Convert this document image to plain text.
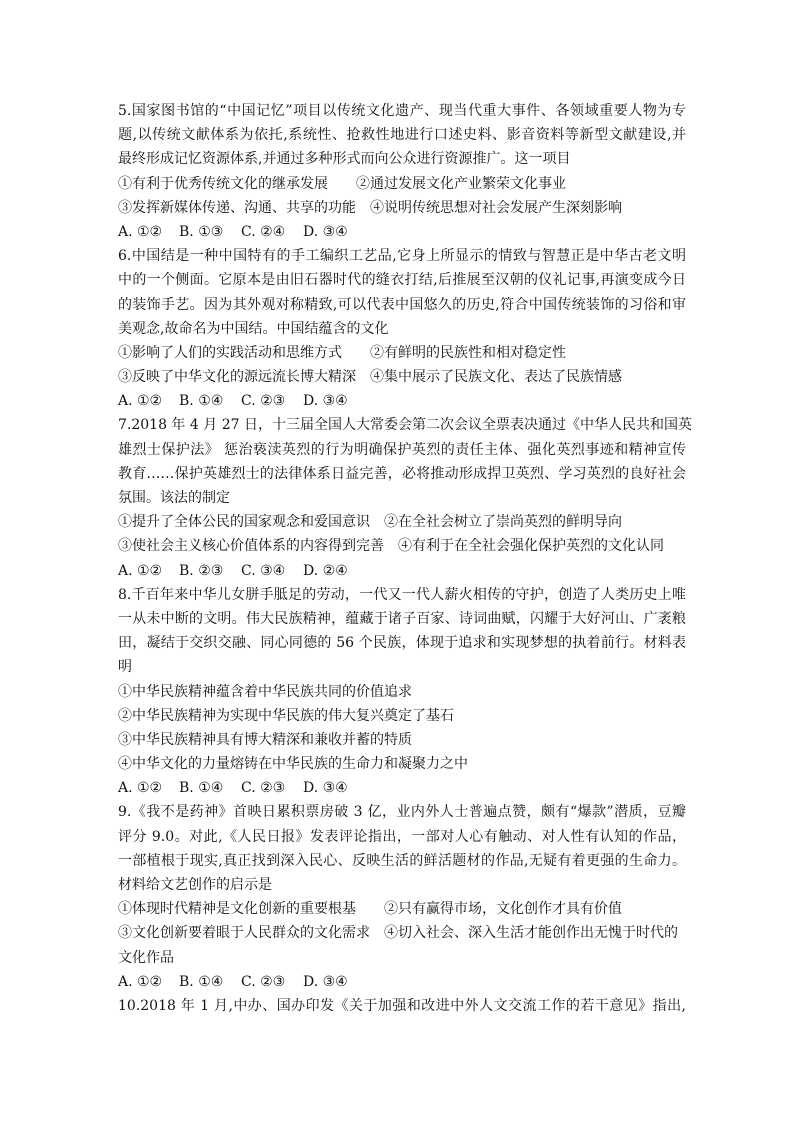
5.国家图书馆的“中国记忆”项目以传统文化遗产、现当代重大事件、各领域重要人物为专
题,以传统文献体系为依托,系统性、抢救性地进行口述史料、影音资料等新型文献建设,并
最终形成记忆资源体系,并通过多种形式而向公众进行资源推广。这一项目
①有利于优秀传统文化的继承发展	②通过发展文化产业繁荣文化事业
③发挥新媒体传递、沟通、共享的功能	④说明传统思想对社会发展产生深刻影响
A. ①②	B. ①③	C. ②④	D. ③④
6.中国结是一种中国特有的手工编织工艺品,它身上所显示的情致与智慧正是中华古老文明
中的一个侧面。它原本是由旧石器时代的缝衣打结,后推展至汉朝的仪礼记事,再演变成今日
的装饰手艺。因为其外观对称精致,可以代表中国悠久的历史,符合中国传统装饰的习俗和审
美观念,故命名为中国结。中国结蕴含的文化
①影响了人们的实践活动和思维方式	②有鲜明的民族性和相对稳定性
③反映了中华文化的源远流长博大精深	④集中展示了民族文化、表达了民族情感
A. ①②	B. ①④	C. ②③	D. ③④
7.2018 年 4 月 27 日，十三届全国人大常委会第二次会议全票表决通过《中华人民共和国英
雄烈士保护法》 惩治亵渎英烈的行为明确保护英烈的责任主体、强化英烈事迹和精神宣传
教育……保护英雄烈士的法律体系日益完善，必将推动形成捍卫英烈、学习英烈的良好社会
氛围。该法的制定
①提升了全体公民的国家观念和爱国意识	②在全社会树立了崇尚英烈的鲜明导向
③使社会主义核心价值体系的内容得到完善	④有利于在全社会强化保护英烈的文化认同
A. ①②	B. ②③	C. ③④	D. ②④
8.千百年来中华儿女胼手胝足的劳动，一代又一代人薪火相传的守护，创造了人类历史上唯
一从未中断的文明。伟大民族精神，蕴藏于诸子百家、诗词曲赋，闪耀于大好河山、广袤粮
田，凝结于交织交融、同心同德的 56 个民族，体现于追求和实现梦想的执着前行。材料表
明
①中华民族精神蕴含着中华民族共同的价值追求
②中华民族精神为实现中华民族的伟大复兴奠定了基石
③中华民族精神具有博大精深和兼收并蓄的特质
④中华文化的力量熔铸在中华民族的生命力和凝聚力之中
A. ①②	B. ①④	C. ②③	D. ③④
9.《我不是药神》首映日累积票房破 3 亿，业内外人士普遍点赞，颇有“爆款”潜质，豆瓣
评分 9.0。对此,《人民日报》发表评论指出，一部对人心有触动、对人性有认知的作品，
一部植根于现实,真正找到深入民心、反映生活的鲜活题材的作品,无疑有着更强的生命力。
材料给文艺创作的启示是
①体现时代精神是文化创新的重要根基	②只有赢得市场，文化创作才具有价值
③文化创新要着眼于人民群众的文化需求	④切入社会、深入生活才能创作出无愧于时代的
文化作品
A. ①②	B. ①④	C. ②③	D. ③④
10.2018 年 1 月,中办、国办印发《关于加强和改进中外人文交流工作的若干意见》指出,
